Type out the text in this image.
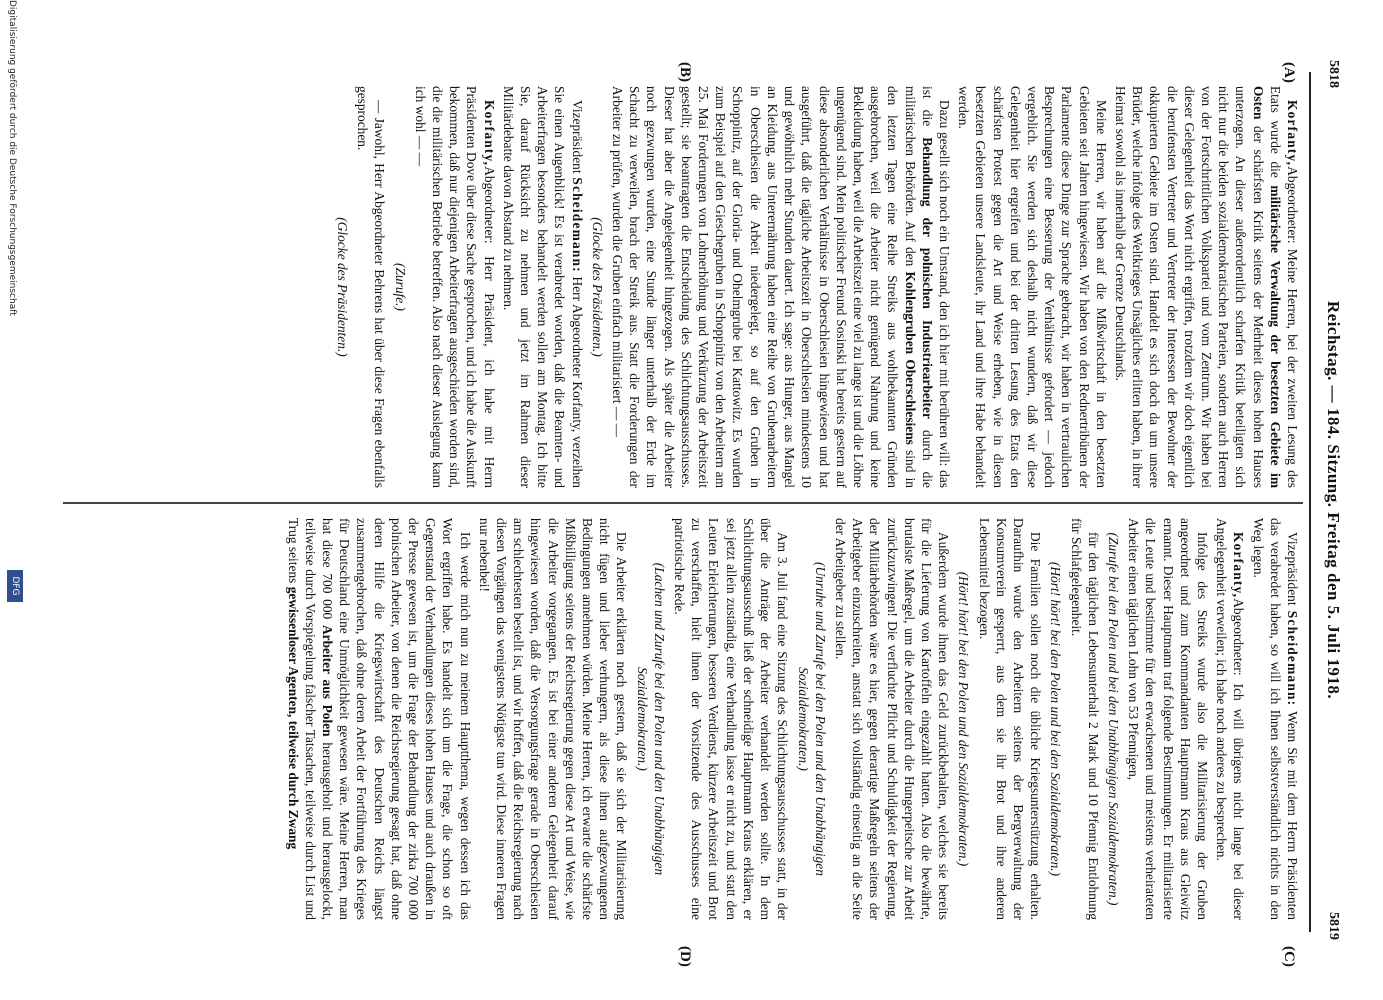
5818
Reichstag. — 184. Sitzung. Freitag den 5. Juli 1918.
5819
(A)
(B)
(C)
(D)

Korfanty,Abgeordneter: Meine Herren, bei der zweiten Lesung des Etats wurde die militärische Verwaltung der besetzten Gebiete im Osten der schärfsten Kritik seitens der Mehrheit dieses hohen Hauses unterzogen. An dieser außerordentlich scharfen Kritik beteiligten sich nicht nur die beiden sozialdemokratischen Parteien, sondern auch Herren von der Fortschrittlichen Volkspartei und vom Zentrum. Wir haben bei dieser Gelegenheit das Wort nicht ergriffen, trotzdem wir doch eigentlich die berufensten Vertreter und Vertreter der Interessen der Bewohner der okkupierten Gebiete im Osten sind. Handelt es sich doch da um unsere Brüder, welche infolge des Weltkrieges Unsägliches erlitten haben, in ihrer Heimat sowohl als innerhalb der Grenze Deutschlands.

Meine Herren, wir haben auf die Mißwirtschaft in den besetzten Gebieten seit Jahren hingewiesen. Wir haben von den Rednertribünen der Parlamente diese Dinge zur Sprache gebracht, wir haben in vertraulichen Besprechungen eine Besserung der Verhältnisse gefordert — jedoch vergeblich. Sie werden sich deshalb nicht wundern, daß wir diese Gelegenheit hier ergreifen und bei der dritten Lesung des Etats den schärfsten Protest gegen die Art und Weise erheben, wie in diesen besetzten Gebieten unsere Landsleute, ihr Land und ihre Habe behandelt werden.

Dazu gesellt sich noch ein Umstand, den ich hier mit berühren will: das ist die Behandlung der polnischen Industriearbeiter durch die militärischen Behörden. Auf den Kohlengruben Oberschlesiens sind in den letzten Tagen eine Reihe Streiks aus wohlbekannten Gründen ausgebrochen, weil die Arbeiter nicht genügend Nahrung und keine Bekleidung haben, weil die Arbeitszeit eine viel zu lange ist und die Löhne ungenügend sind. Mein politischer Freund Sosinski hat bereits gestern auf diese absonderlichen Verhältnisse in Oberschlesien hingewiesen und hat ausgeführt, daß die tägliche Arbeitszeit in Oberschlesien mindestens 10 und gewöhnlich mehr Stunden dauert. Ich sage: aus Hunger, aus Mangel an Kleidung, aus Unterernährung haben eine Reihe von Grubenarbeitern in Oberschlesien die Arbeit niedergelegt, so auf den Gruben in Schoppinitz, auf der Gloria- und Ohelmgrube bei Kattowitz. Es wurden zum Beispiel auf den Gieschegruben in Schoppinitz von den Arbeitern am 25. Mai Forderungen von Lohnerhöhung und Verkürzung der Arbeitszeit gestellt; sie beantragten die Entscheidung des Schlichtungsausschusses. Dieser hat aber die Angelegenheit hingezogen. Als später die Arbeiter noch gezwungen wurden, eine Stunde länger unterhalb der Erde im Schacht zu verweilen, brach der Streik aus. Statt die Forderungen der Arbeiter zu prüfen, wurden die Gruben einfach militarisiert — —

(Glocke des Präsidenten.)

Vizepräsident Scheidemann: Herr Abgeordneter Korfanty, verzeihen Sie einen Augenblick! Es ist verabredet worden, daß die Beamten- und Arbeiterfragen besonders behandelt werden sollen am Montag. Ich bitte Sie, darauf Rücksicht zu nehmen und jetzt im Rahmen dieser Militärdebatte davon Abstand zu nehmen.

Korfanty,Abgeordneter: Herr Präsident, ich habe mit Herrn Präsidenten Dove über diese Sache gesprochen, und ich habe die Auskunft bekommen, daß nur diejenigen Arbeiterfragen ausgeschieden worden sind, die die militärischen Betriebe betreffen. Also nach dieser Auslegung kann ich wohl — —

(Zurufe.)

— Jawohl, Herr Abgeordneter Behrens hat über diese Fragen ebenfalls gesprochen.

(Glocke des Präsidenten.)

Vizepräsident Scheidemann: Wenn Sie mit dem Herrn Präsidenten das verabredet haben, so will ich Ihnen selbstverständlich nichts in den Weg legen.

Korfanty,Abgeordneter: Ich will übrigens nicht lange bei dieser Angelegenheit verweilen; ich habe noch anderes zu besprechen.

Infolge des Streiks wurde also die Militarisierung der Gruben angeordnet und zum Kommandanten Hauptmann Kraus aus Gleiwitz ernannt. Dieser Hauptmann traf folgende Bestimmungen. Er militarisierte die Leute und bestimmte für den erwachsenen und meistens verheirateten Arbeiter einen täglichen Lohn von 53 Pfennigen,

(Zurufe bei den Polen und bei den Unabhängigen Sozialdemokraten.)

für den täglichen Lebensunterhalt 2 Mark und 10 Pfennig Entlohnung für Schlafgelegenheit.

(Hört! hört! bei den Polen und bei den Sozialdemokraten.)

Die Familien sollen noch die übliche Kriegsunterstützung erhalten. Daraufhin wurde den Arbeitern seitens der Bergverwaltung der Konsumverein gesperrt, aus dem sie ihr Brot und ihre anderen Lebensmittel bezogen.

(Hört! hört! bei den Polen und den Sozialdemokraten.)

Außerdem wurde ihnen das Geld zurückbehalten, welches sie bereits für die Lieferung von Kartoffeln eingezahlt hatten. Also die bewährte, brutalste Maßregel, um die Arbeiter durch die Hungerpeitsche zur Arbeit zurückzuzwingen! Die verfluchte Pflicht und Schuldigkeit der Regierung, der Militärbehörden wäre es hier, gegen derartige Maßregeln seitens der Arbeitgeber einzuschreiten, anstatt sich vollständig einseitig an die Seite der Arbeitgeber zu stellen.

(Unruhe und Zurufe bei den Polen und den Unabhängigen Sozialdemokraten.)

Am 3. Juli fand eine Sitzung des Schlichtungsausschusses statt, in der über die Anträge der Arbeiter verhandelt werden sollte. In dem Schlichtungsausschuß ließ der schneidige Hauptmann Kraus erklären, er sei jetzt allein zuständig, eine Verhandlung lasse er nicht zu, und statt den Leuten Erleichterungen, besseren Verdienst, kürzere Arbeitszeit und Brot zu verschaffen, hielt ihnen der Vorsitzende des Ausschusses eine patriotische Rede.

(Lachen und Zurufe bei den Polen und den Unabhängigen Sozialdemokraten.)

Die Arbeiter erklärten noch gestern, daß sie sich der Militarisierung nicht fügen und lieber verhungern, als diese ihnen aufgezwungenen Bedingungen annehmen würden. Meine Herren, ich erwarte die schärfste Mißbilligung seitens der Reichsregierung gegen diese Art und Weise, wie die Arbeiter vorgegangen. Es ist bei einer anderen Gelegenheit darauf hingewiesen worden, daß die Versorgungsfrage gerade in Oberschlesien am schlechtesten bestellt ist, und wir hoffen, daß die Reichsregierung nach diesen Vorgängen das wenigstens Nötigste tun wird. Diese inneren Fragen nur nebenbei!

Ich werde mich nun zu meinem Hauptthema, wegen dessen ich das Wort ergriffen habe. Es handelt sich um die Frage, die schon so oft Gegenstand der Verhandlungen dieses hohen Hauses und auch draußen in der Presse gewesen ist, um die Frage der Behandlung der zirka 700 000 polnischen Arbeiter, von denen die Reichsregierung gesagt hat, daß ohne deren Hilfe die Kriegswirtschaft des Deutschen Reichs längst zusammengebrochen, daß ohne deren Arbeit der Fortführung des Krieges für Deutschland eine Unmöglichkeit gewesen wäre. Meine Herren, man hat diese 700 000 Arbeiter aus Polen herausgeholt und herausgelockt, teilweise durch Vorspiegelung falscher Tatsachen, teilweise durch List und Trug seitens gewissenloser Agenten, teilweise durch Zwang

Digitalisierung gefördert durch die Deutsche Forschungsgemeinschaft
DFG
